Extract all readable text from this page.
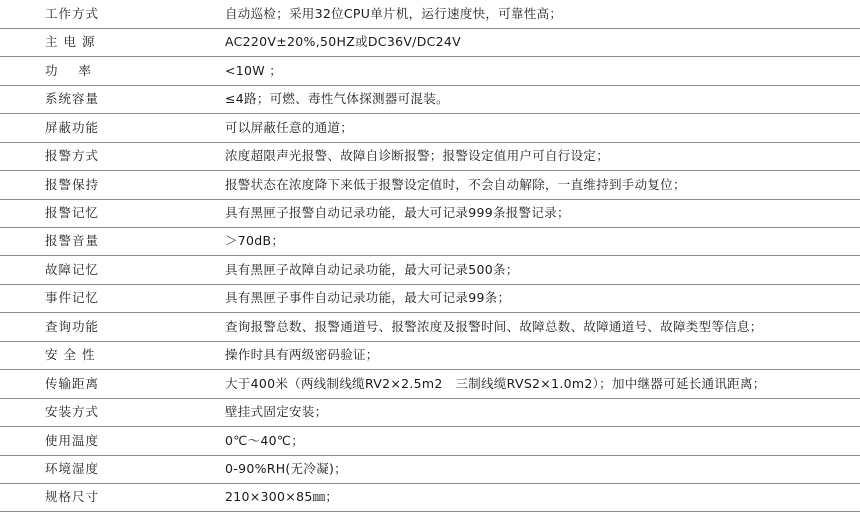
工作方式	自动巡检；采用32位CPU单片机，运行速度快，可靠性高；
主 电 源	AC220V±20%,50HZ或DC36V/DC24V
功    率	<10W ；
系统容量	≤4路；可燃、毒性气体探测器可混装。
屏蔽功能	可以屏蔽任意的通道；
报警方式	浓度超限声光报警、故障自诊断报警；报警设定值用户可自行设定；
报警保持	报警状态在浓度降下来低于报警设定值时，不会自动解除，一直维持到手动复位；
报警记忆	具有黑匣子报警自动记录功能，最大可记录999条报警记录；
报警音量	＞70dB；
故障记忆	具有黑匣子故障自动记录功能，最大可记录500条；
事件记忆	具有黑匣子事件自动记录功能，最大可记录99条；
查询功能	查询报警总数、报警通道号、报警浓度及报警时间、故障总数、故障通道号、故障类型等信息；
安 全 性	操作时具有两级密码验证；
传输距离	大于400米（两线制线缆RV2×2.5m2   三制线缆RVS2×1.0m2）；加中继器可延长通讯距离；
安装方式	壁挂式固定安装；
使用温度	0℃～40℃；
环境湿度	0-90%RH(无冷凝)；
规格尺寸	210×300×85㎜；
